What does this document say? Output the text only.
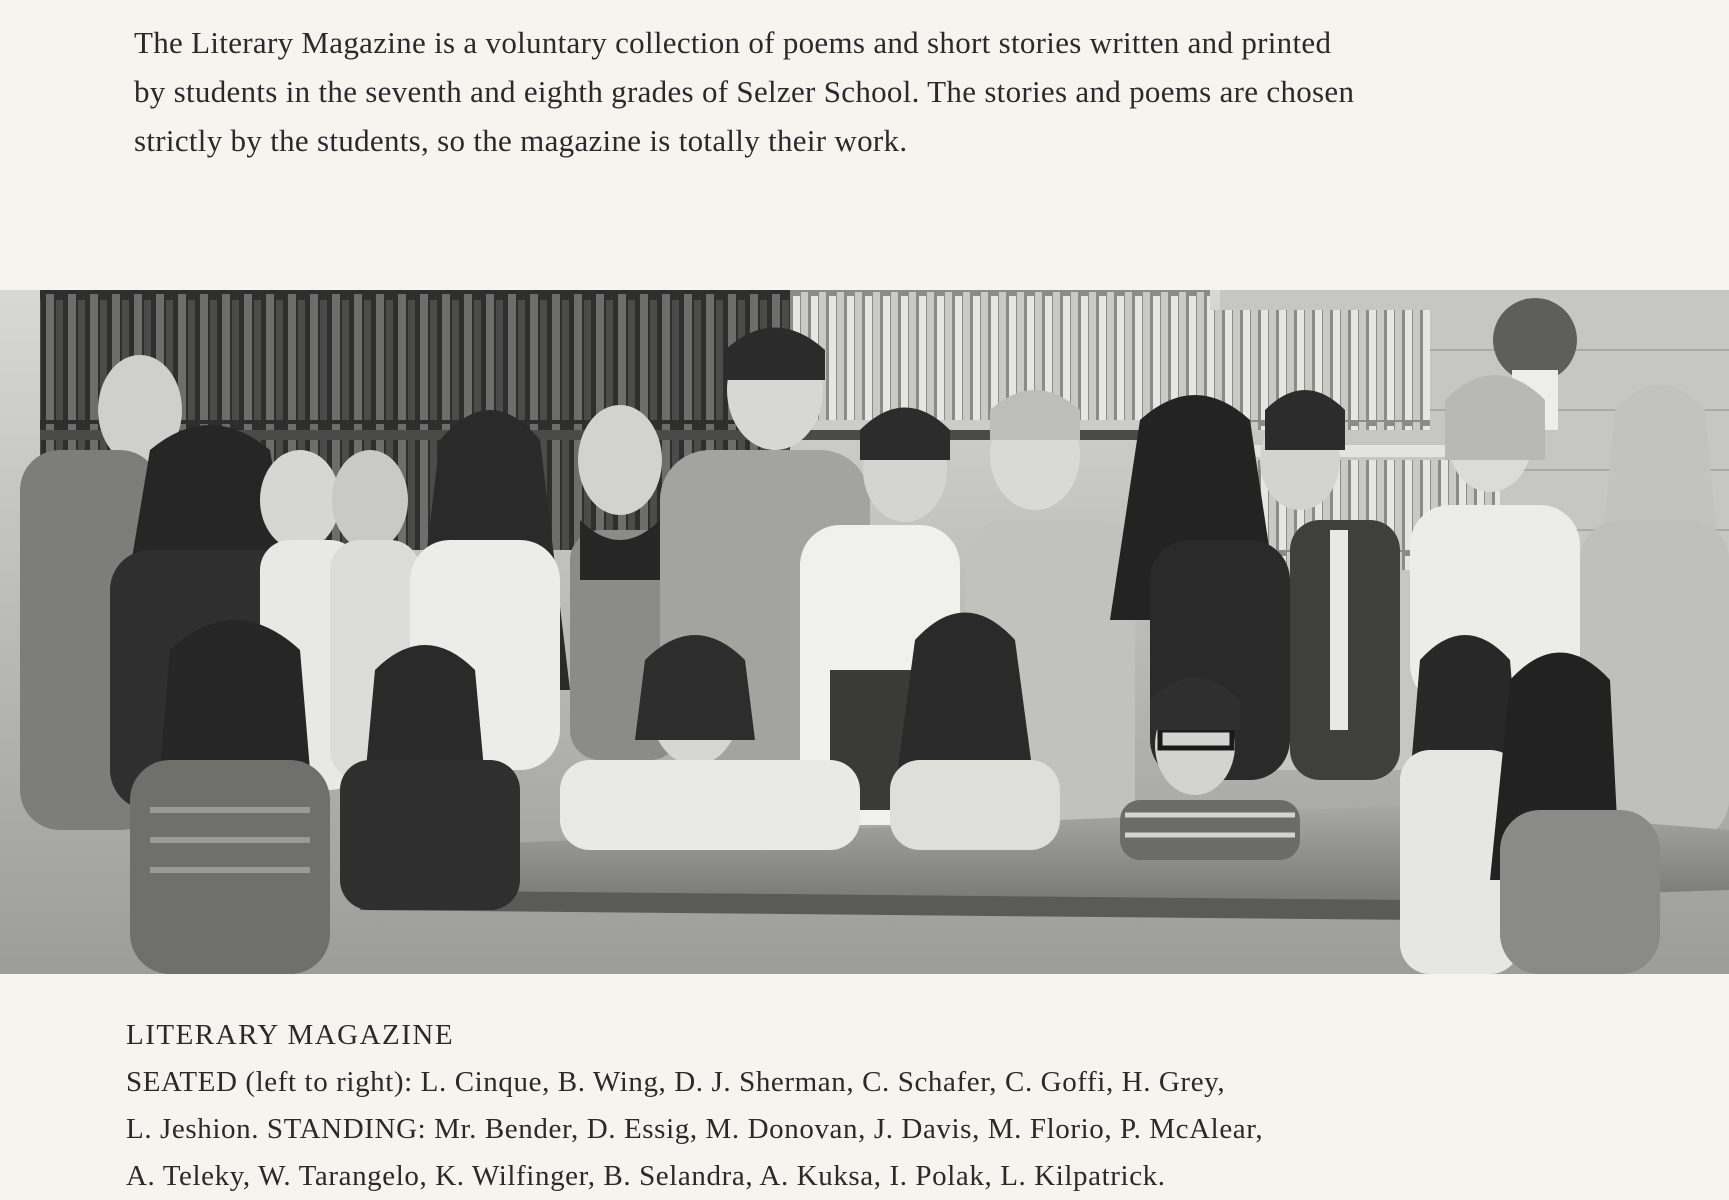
The Literary Magazine is a voluntary collection of poems and short stories written and printed

by students in the seventh and eighth grades of Selzer School. The stories and poems are chosen

strictly by the students, so the magazine is totally their work.

LITERARY MAGAZINE
SEATED (left to right): L. Cinque, B. Wing, D. J. Sherman, C. Schafer, C. Goffi, H. Grey,
L. Jeshion. STANDING: Mr. Bender, D. Essig, M. Donovan, J. Davis, M. Florio, P. McAlear,
A. Teleky, W. Tarangelo, K. Wilfinger, B. Selandra, A. Kuksa, I. Polak, L. Kilpatrick.
